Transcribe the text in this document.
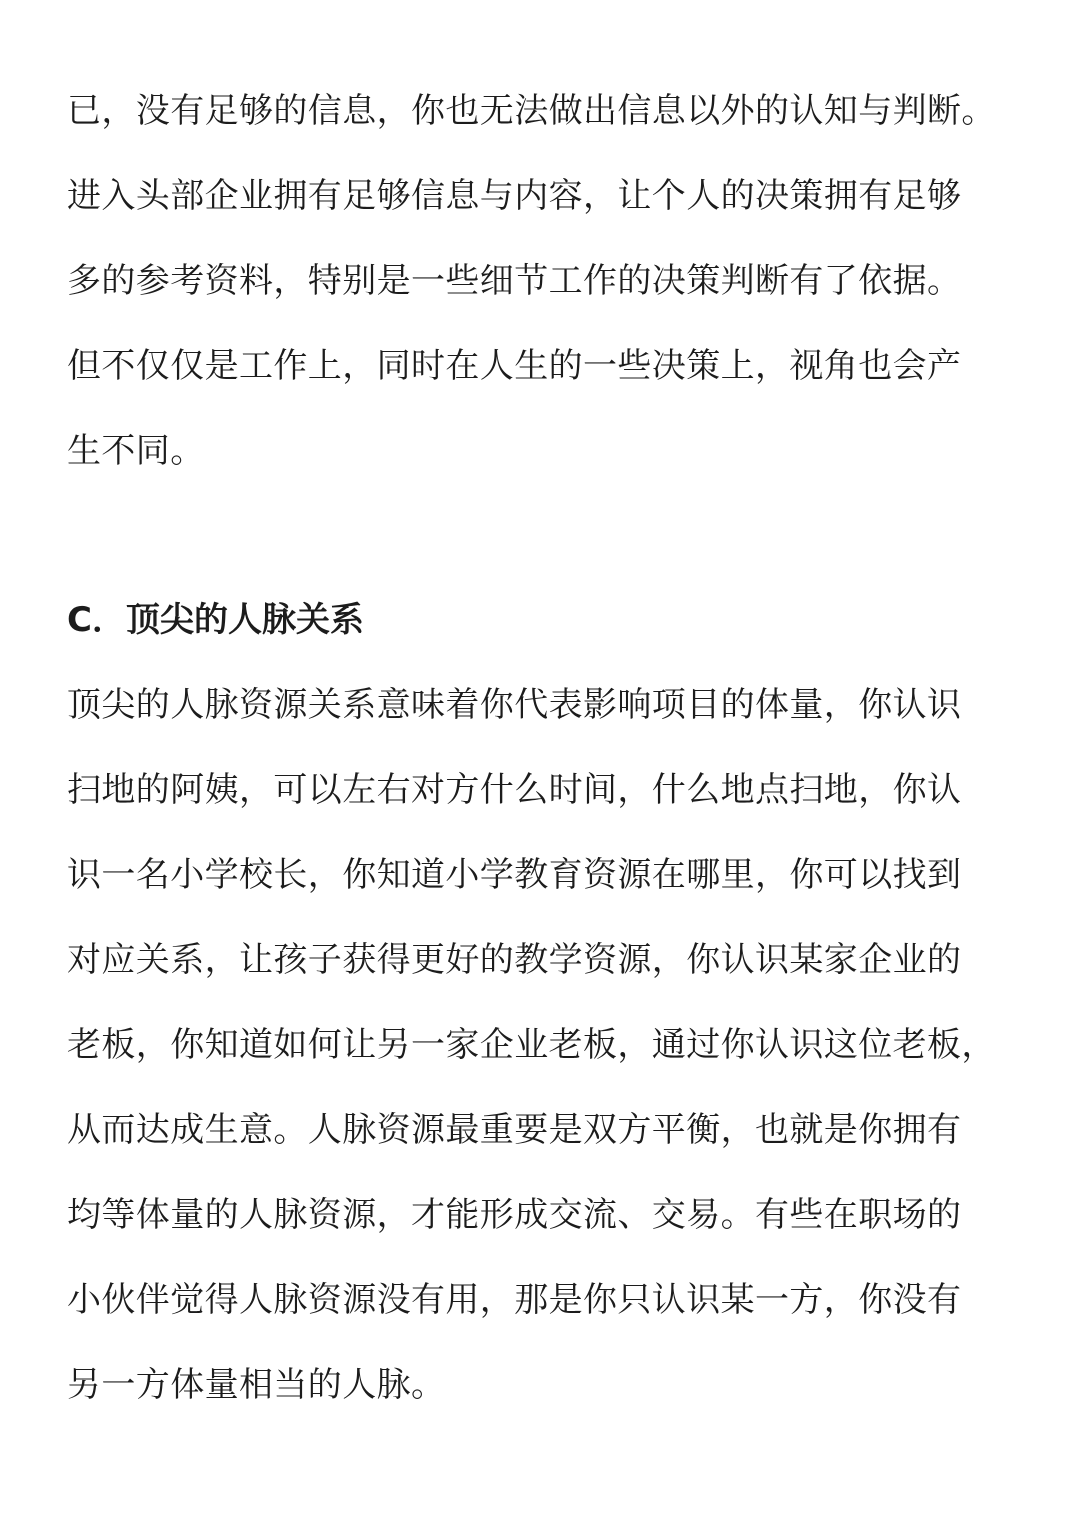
已，没有足够的信息，你也无法做出信息以外的认知与判断。
进入头部企业拥有足够信息与内容，让个人的决策拥有足够
多的参考资料，特别是一些细节工作的决策判断有了依据。
但不仅仅是工作上，同时在人生的一些决策上，视角也会产
生不同。
C．顶尖的人脉关系
顶尖的人脉资源关系意味着你代表影响项目的体量，你认识
扫地的阿姨，可以左右对方什么时间，什么地点扫地，你认
识一名小学校长，你知道小学教育资源在哪里，你可以找到
对应关系，让孩子获得更好的教学资源，你认识某家企业的
老板，你知道如何让另一家企业老板，通过你认识这位老板，
从而达成生意。人脉资源最重要是双方平衡，也就是你拥有
均等体量的人脉资源，才能形成交流、交易。有些在职场的
小伙伴觉得人脉资源没有用，那是你只认识某一方，你没有
另一方体量相当的人脉。
